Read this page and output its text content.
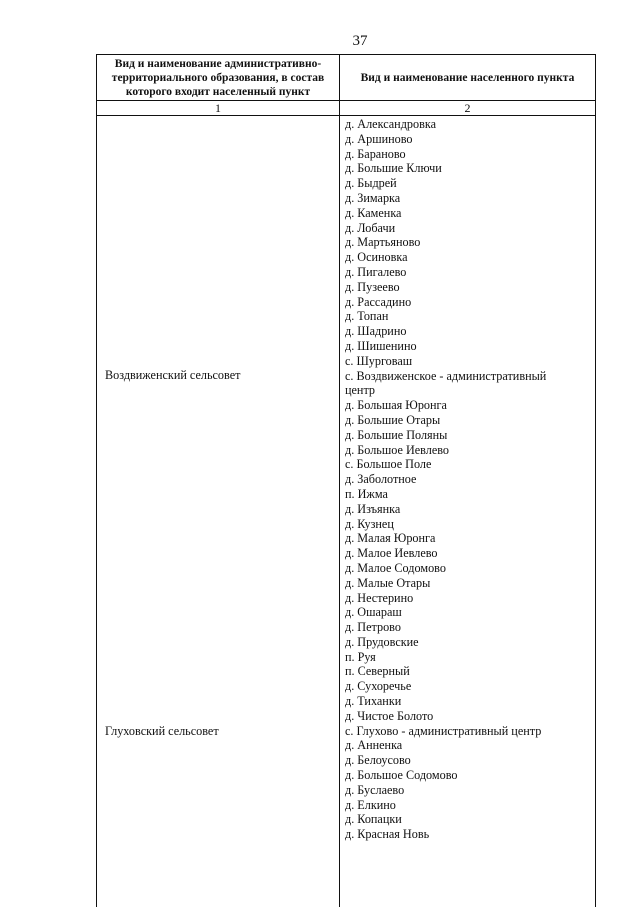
37
Вид и наименование административно-территориального образования, в состав которого входит населенный пункт
Вид и наименование населенного пункта
1	2
Воздвиженский сельсовет
Глуховский сельсовет
д. Александровка
д. Аршиново
д. Бараново
д. Большие Ключи
д. Быдрей
д. Зимарка
д. Каменка
д. Лобачи
д. Мартьяново
д. Осиновка
д. Пигалево
д. Пузеево
д. Рассадино
д. Топан
д. Шадрино
д. Шишенино
с. Шурговаш
с. Воздвиженское - административный
центр
д. Большая Юронга
д. Большие Отары
д. Большие Поляны
д. Большое Иевлево
с. Большое Поле
д. Заболотное
п. Ижма
д. Изъянка
д. Кузнец
д. Малая Юронга
д. Малое Иевлево
д. Малое Содомово
д. Малые Отары
д. Нестерино
д. Ошараш
д. Петрово
д. Прудовские
п. Руя
п. Северный
д. Сухоречье
д. Тиханки
д. Чистое Болото
с. Глухово - административный центр
д. Анненка
д. Белоусово
д. Большое Содомово
д. Буслаево
д. Елкино
д. Копацки
д. Красная Новь
